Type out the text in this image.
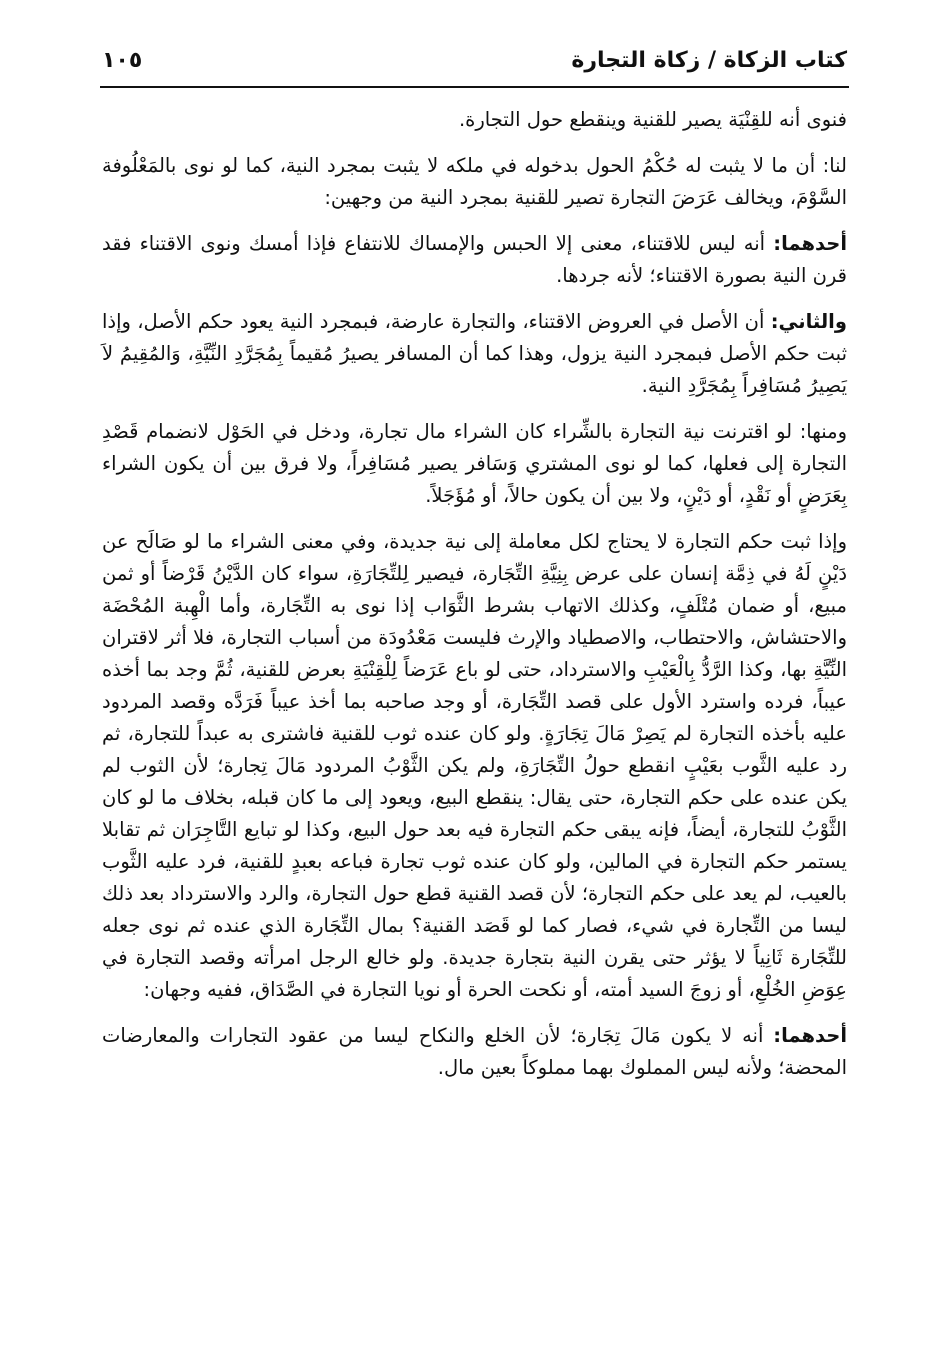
كتاب الزكاة / زكاة التجارة
١٠٥

فنوى أنه للقِنْيَة يصير للقنية وينقطع حول التجارة.

لنا: أن ما لا يثبت له حُكْمُ الحول بدخوله في ملكه لا يثبت بمجرد النية، كما لو نوى بالمَعْلُوفة السَّوْمَ، ويخالف عَرَضَ التجارة تصير للقنية بمجرد النية من وجهين:

أحدهما: أنه ليس للاقتناء، معنى إلا الحبس والإمساك للانتفاع فإذا أمسك ونوى الاقتناء فقد قرن النية بصورة الاقتناء؛ لأنه جردها.

والثاني: أن الأصل في العروض الاقتناء، والتجارة عارضة، فبمجرد النية يعود حكم الأصل، وإذا ثبت حكم الأصل فبمجرد النية يزول، وهذا كما أن المسافر يصيرُ مُقيماً بِمُجَرَّدِ النِّيَّةِ، وَالمُقِيمُ لاَ يَصِيرُ مُسَافِراً بِمُجَرَّدِ النية.

ومنها: لو اقترنت نية التجارة بالشِّراء كان الشراء مال تجارة، ودخل في الحَوْل لانضمام قَصْدِ التجارة إلى فعلها، كما لو نوى المشتري وَسَافر يصير مُسَافِراً، ولا فرق بين أن يكون الشراء بِعَرَضٍ أو نَقْدٍ، أو دَيْنٍ، ولا بين أن يكون حالاً، أو مُؤَجَلاً.

وإذا ثبت حكم التجارة لا يحتاج لكل معاملة إلى نية جديدة، وفي معنى الشراء ما لو صَالَح عن دَيْنٍ لَهُ في ذِمَّة إنسان على عرض بِنِيَّةِ التِّجَارة، فيصير لِلتِّجَارَةِ، سواء كان الدَّيْنُ قَرْضاً أو ثمن مبيع، أو ضمان مُتْلَفٍ، وكذلك الاتهاب بشرط الثَّوَاب إذا نوى به التِّجَارة، وأما الْهِبة المُحْضَة والاحتشاش، والاحتطاب، والاصطياد والإرث فليست مَعْدُودَة من أسباب التجارة، فلا أثر لاقتران النِّيَّةِ بها، وكذا الرَّدُّ بِالْعَيْبِ والاسترداد، حتى لو باع عَرَضاً لِلْقِنْيَةِ بعرض للقنية، ثُمَّ وجد بما أخذه عيباً، فرده واسترد الأول على قصد التِّجَارة، أو وجد صاحبه بما أخذ عيباً فَرَدَّه وقصد المردود عليه بأخذه التجارة لم يَصِرْ مَالَ تِجَارَةٍ. ولو كان عنده ثوب للقنية فاشترى به عبداً للتجارة، ثم رد عليه الثَّوب بعَيْبٍ انقطع حولُ التِّجَارَةِ، ولم يكن الثَّوْبُ المردود مَالَ تِجارة؛ لأن الثوب لم يكن عنده على حكم التجارة، حتى يقال: ينقطع البيع، ويعود إلى ما كان قبله، بخلاف ما لو كان الثَّوْبُ للتجارة، أيضاً، فإنه يبقى حكم التجارة فيه بعد حول البيع، وكذا لو تبايع التَّاجِرَان ثم تقابلا يستمر حكم التجارة في المالين، ولو كان عنده ثوب تجارة فباعه بعبدٍ للقنية، فرد عليه الثَّوب بالعيب، لم يعد على حكم التجارة؛ لأن قصد القنية قطع حول التجارة، والرد والاسترداد بعد ذلك ليسا من التِّجارة في شيء، فصار كما لو قَصَد القنية؟ بمال التِّجَارة الذي عنده ثم نوى جعله للتِّجَارة ثَانِياً لا يؤثر حتى يقرن النية بتجارة جديدة. ولو خالع الرجل امرأته وقصد التجارة في عِوَضِ الخُلْعِ، أو زوجَ السيد أمته، أو نكحت الحرة أو نويا التجارة في الصَّدَاق، ففيه وجهان:

أحدهما: أنه لا يكون مَالَ تِجَارة؛ لأن الخلع والنكاح ليسا من عقود التجارات والمعارضات المحضة؛ ولأنه ليس المملوك بهما مملوكاً بعين مال.
